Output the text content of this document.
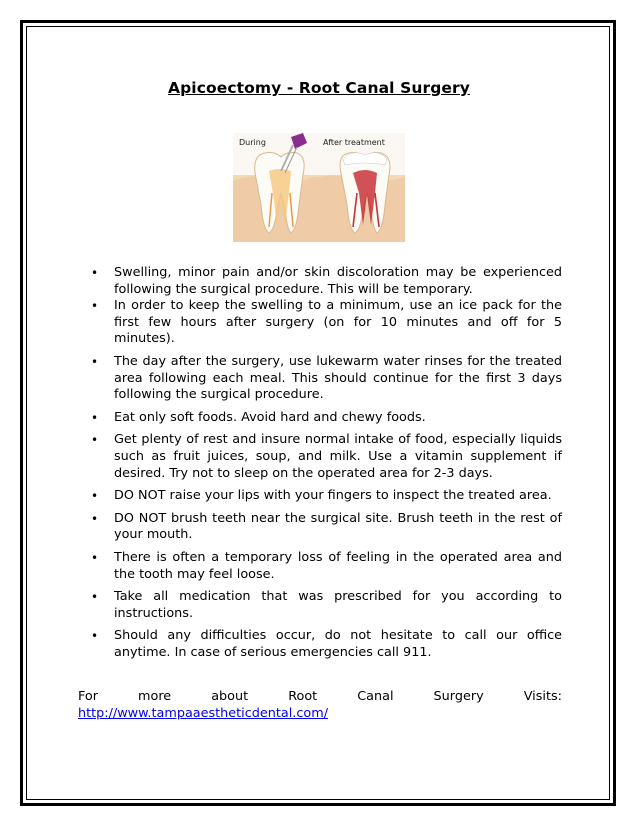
Apicoectomy - Root Canal Surgery
During	After treatment
• Swelling, minor pain and/or skin discoloration may be experienced following the surgical procedure. This will be temporary.
• In order to keep the swelling to a minimum, use an ice pack for the first few hours after surgery (on for 10 minutes and off for 5 minutes).
• The day after the surgery, use lukewarm water rinses for the treated area following each meal. This should continue for the first 3 days following the surgical procedure.
• Eat only soft foods. Avoid hard and chewy foods.
• Get plenty of rest and insure normal intake of food, especially liquids such as fruit juices, soup, and milk. Use a vitamin supplement if desired. Try not to sleep on the operated area for 2-3 days.
• DO NOT raise your lips with your fingers to inspect the treated area.
• DO NOT brush teeth near the surgical site. Brush teeth in the rest of your mouth.
• There is often a temporary loss of feeling in the operated area and the tooth may feel loose.
• Take all medication that was prescribed for you according to instructions.
• Should any difficulties occur, do not hesitate to call our office anytime. In case of serious emergencies call 911.
For	more	about	Root	Canal	Surgery	Visits:
http://www.tampaaestheticdental.com/
